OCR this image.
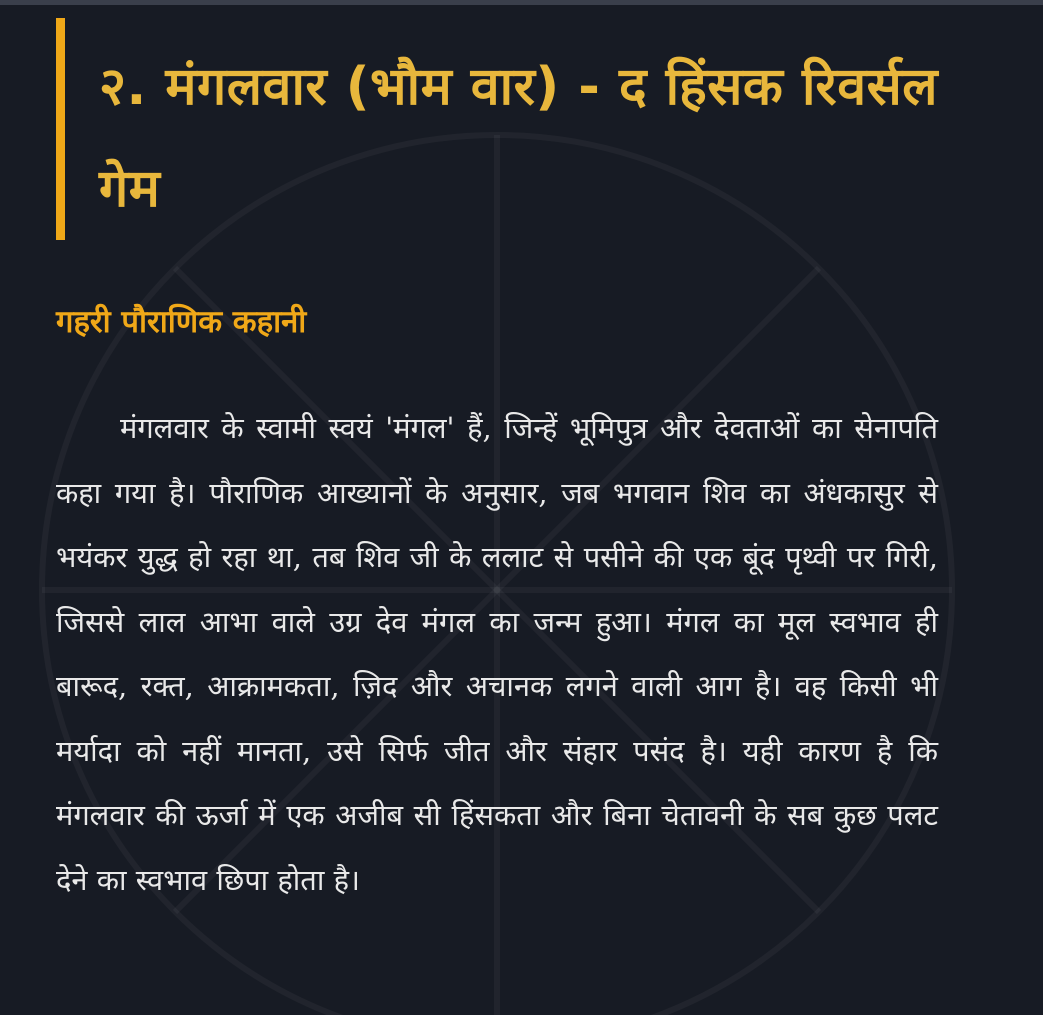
२. मंगलवार (भौम वार) - द हिंसक रिवर्सल गेम
गहरी पौराणिक कहानी

मंगलवार के स्वामी स्वयं 'मंगल' हैं, जिन्हें भूमिपुत्र और देवताओं का सेनापति कहा गया है। पौराणिक आख्यानों के अनुसार, जब भगवान शिव का अंधकासुर से भयंकर युद्ध हो रहा था, तब शिव जी के ललाट से पसीने की एक बूंद पृथ्वी पर गिरी, जिससे लाल आभा वाले उग्र देव मंगल का जन्म हुआ। मंगल का मूल स्वभाव ही बारूद, रक्त, आक्रामकता, ज़िद और अचानक लगने वाली आग है। वह किसी भी मर्यादा को नहीं मानता, उसे सिर्फ जीत और संहार पसंद है। यही कारण है कि मंगलवार की ऊर्जा में एक अजीब सी हिंसकता और बिना चेतावनी के सब कुछ पलट देने का स्वभाव छिपा होता है।
